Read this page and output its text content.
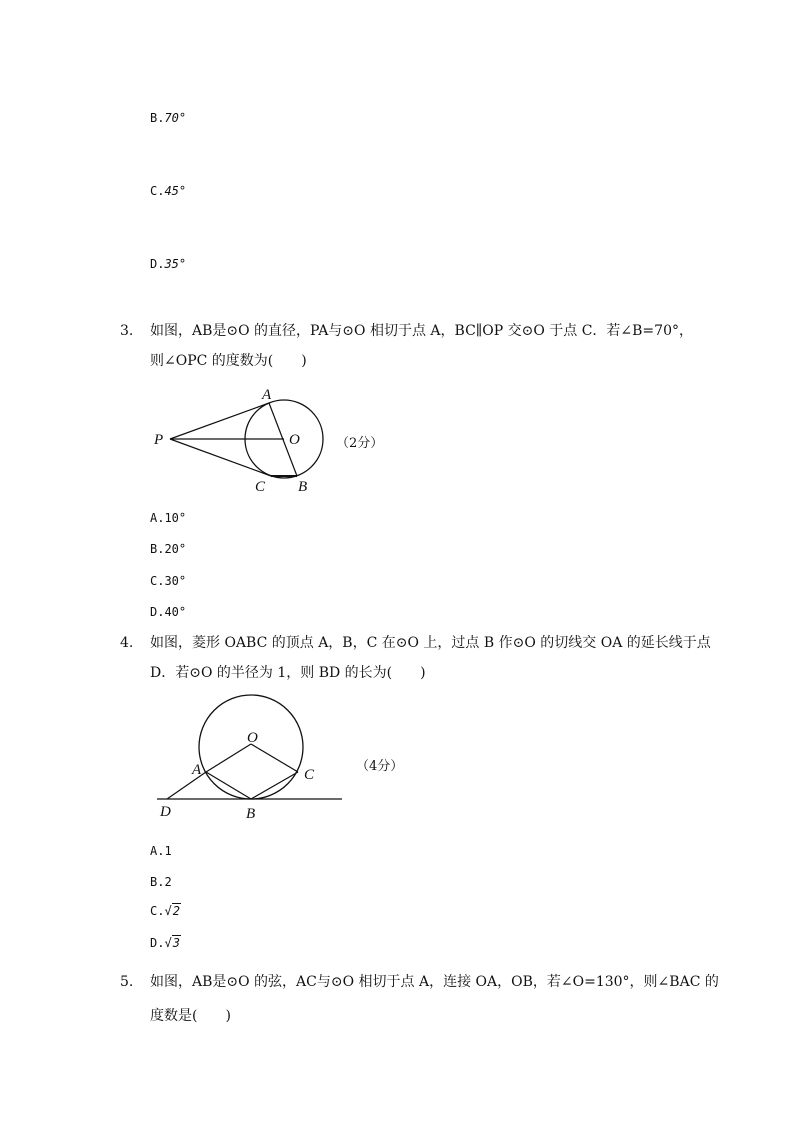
B.70°
C.45°
D.35°
3. 如图，AB是⊙O 的直径，PA与⊙O 相切于点 A，BC∥OP 交⊙O 于点 C．若∠B=70°，
则∠OPC 的度数为(　　)
A
P	O
C B
（2分）
A.10°
B.20°
C.30°
D.40°
4. 如图，菱形 OABC 的顶点 A，B，C 在⊙O 上，过点 B 作⊙O 的切线交 OA 的延长线于点
D．若⊙O 的半径为 1，则 BD 的长为(　　)
O
A	C
D	B
（4分）
A.1
B.2
C.√2
D.√3
5. 如图，AB是⊙O 的弦，AC与⊙O 相切于点 A，连接 OA，OB，若∠O=130°，则∠BAC 的
度数是(　　)
